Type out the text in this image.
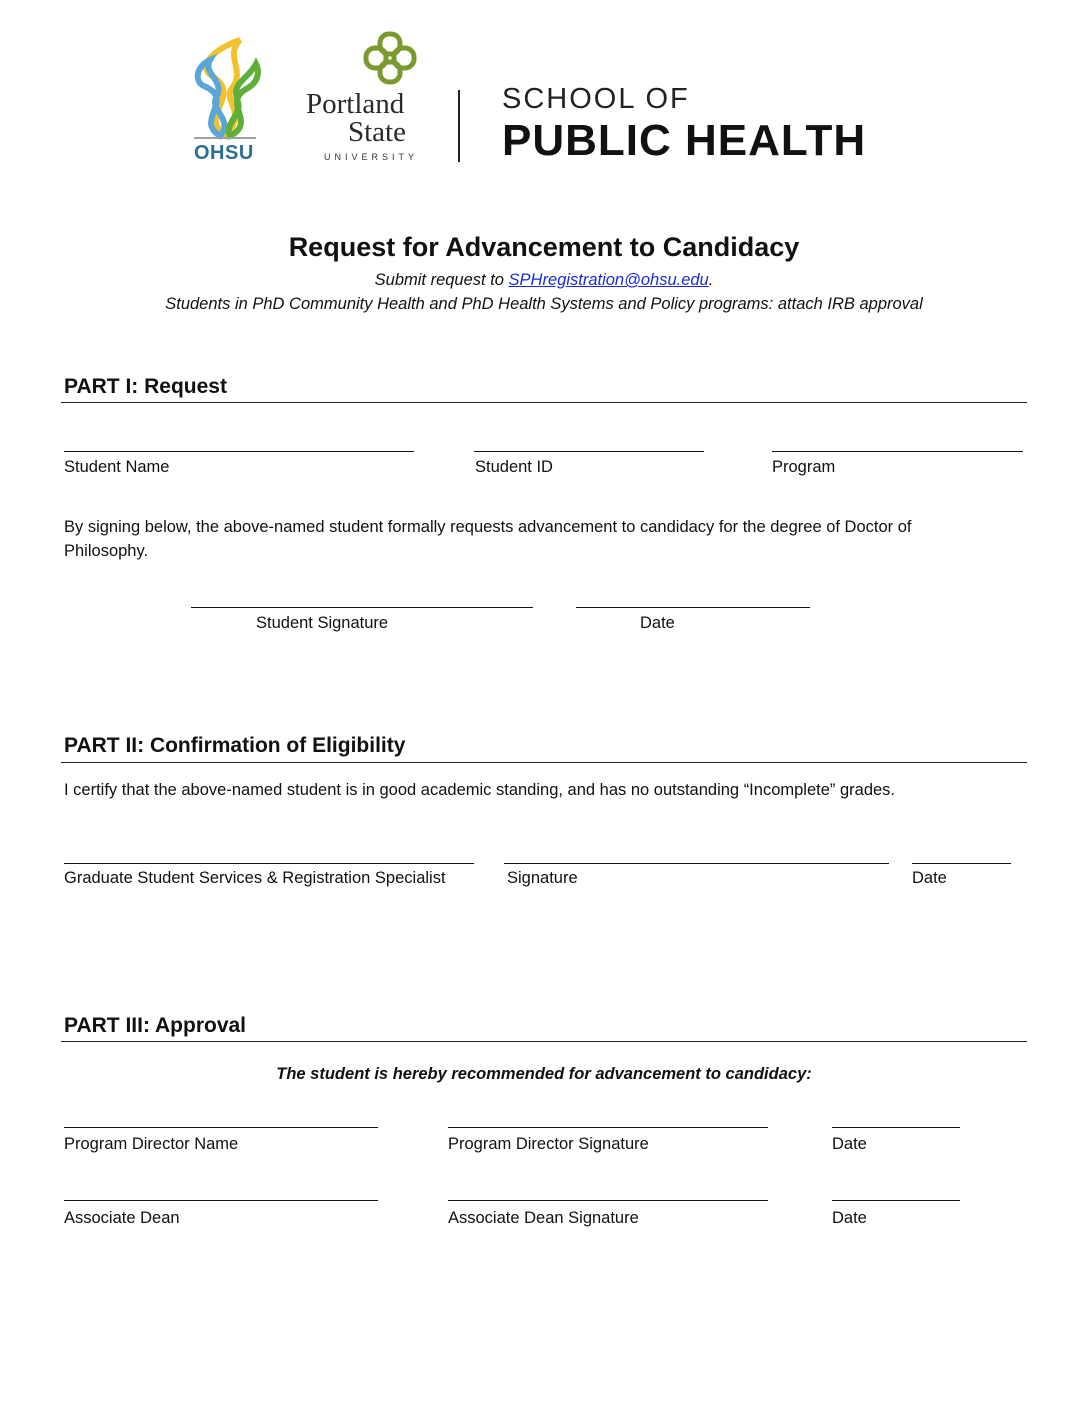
OHSU
Portland
State
UNIVERSITY
SCHOOL OF
PUBLIC HEALTH
Request for Advancement to Candidacy
Submit request to SPHregistration@ohsu.edu.
Students in PhD Community Health and PhD Health Systems and Policy programs: attach IRB approval
PART I: Request
Student Name	Student ID	Program
By signing below, the above-named student formally requests advancement to candidacy for the degree of Doctor of
Philosophy.
Student Signature	Date
PART II: Confirmation of Eligibility
I certify that the above-named student is in good academic standing, and has no outstanding “Incomplete” grades.
Graduate Student Services & Registration Specialist	Signature	Date
PART III: Approval
The student is hereby recommended for advancement to candidacy:
Program Director Name	Program Director Signature	Date
Associate Dean	Associate Dean Signature	Date
